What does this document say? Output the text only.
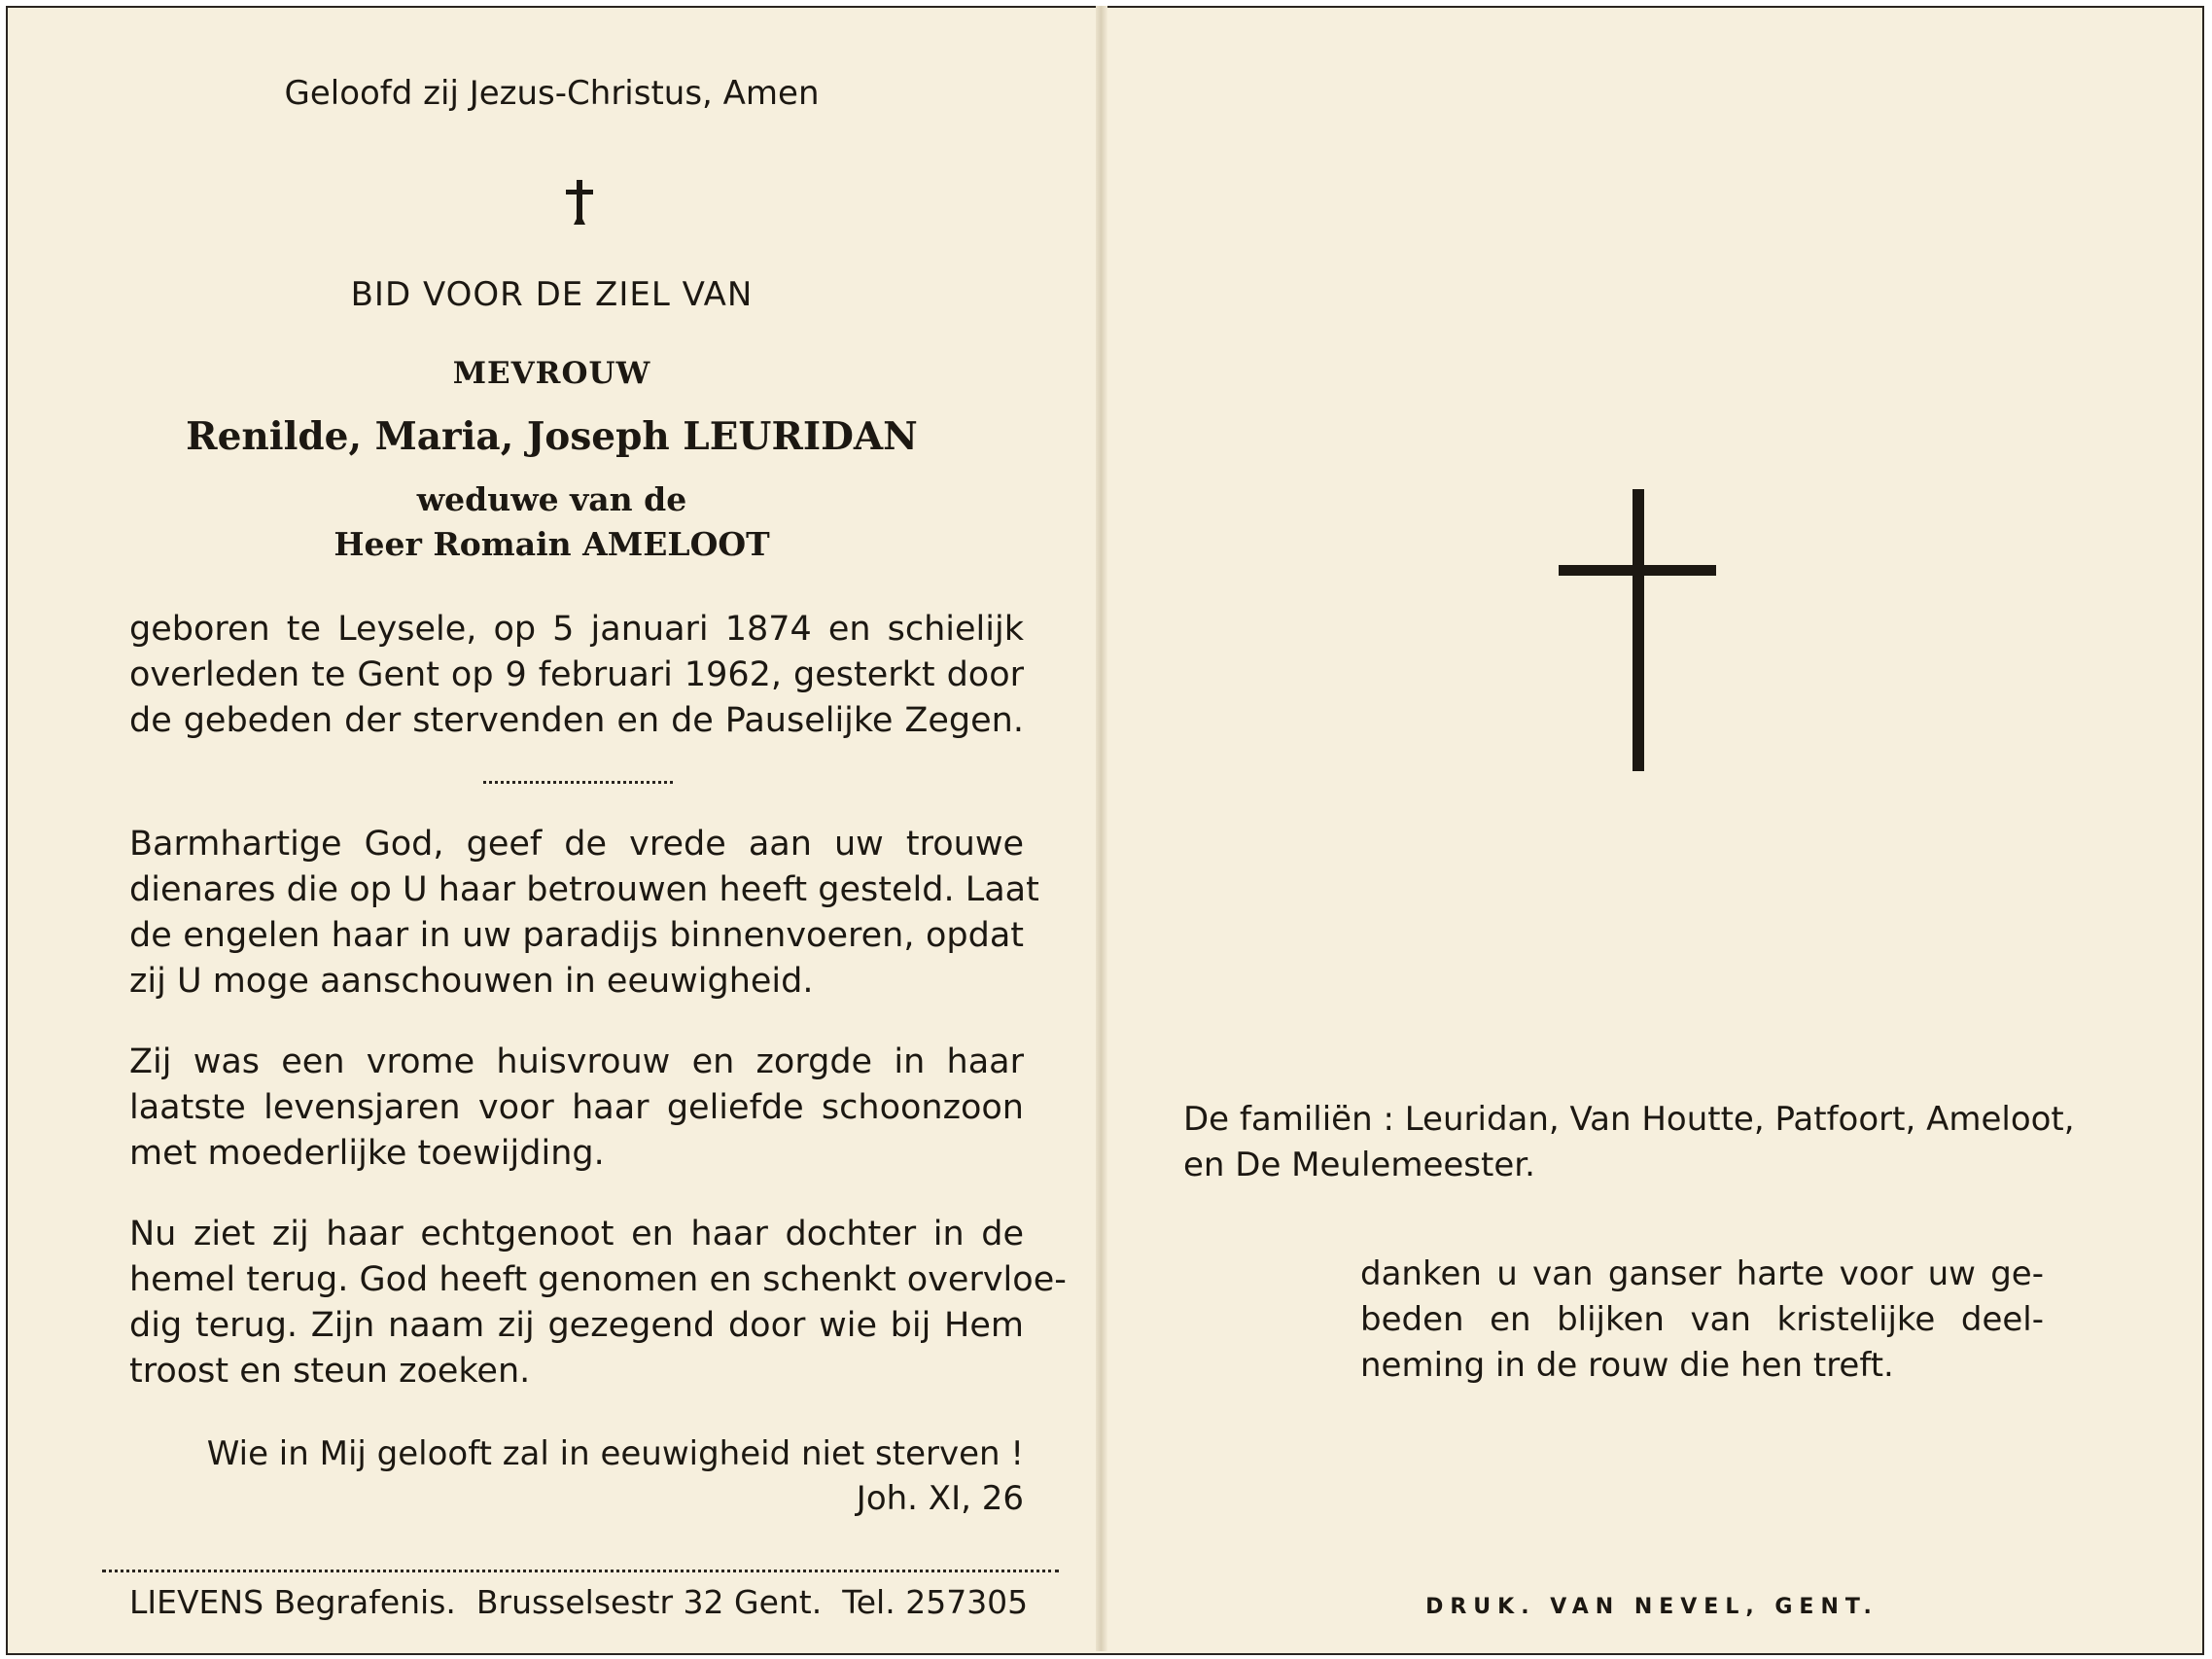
Geloofd zij Jezus-Christus, Amen
BID VOOR DE ZIEL VAN
MEVROUW
Renilde, Maria, Joseph LEURIDAN
weduwe van de
Heer Romain AMELOOT
geboren te Leysele, op 5 januari 1874 en schielijk
overleden te Gent op 9 februari 1962, gesterkt door
de gebeden der stervenden en de Pauselijke Zegen.
Barmhartige God, geef de vrede aan uw trouwe
dienares die op U haar betrouwen heeft gesteld. Laat
de engelen haar in uw paradijs binnenvoeren, opdat
zij U moge aanschouwen in eeuwigheid.
Zij was een vrome huisvrouw en zorgde in haar
laatste levensjaren voor haar geliefde schoonzoon
met moederlijke toewijding.
Nu ziet zij haar echtgenoot en haar dochter in de
hemel terug. God heeft genomen en schenkt overvloe-
dig terug. Zijn naam zij gezegend door wie bij Hem
troost en steun zoeken.
Wie in Mij gelooft zal in eeuwigheid niet sterven !
Joh. XI, 26
LIEVENS Begrafenis.  Brusselsestr 32 Gent.  Tel. 257305
De familiën : Leuridan, Van Houtte, Patfoort, Ameloot,
en De Meulemeester.
danken u van ganser harte voor uw ge-
beden en blijken van kristelijke deel-
neming in de rouw die hen treft.
DRUK. VAN NEVEL, GENT.
